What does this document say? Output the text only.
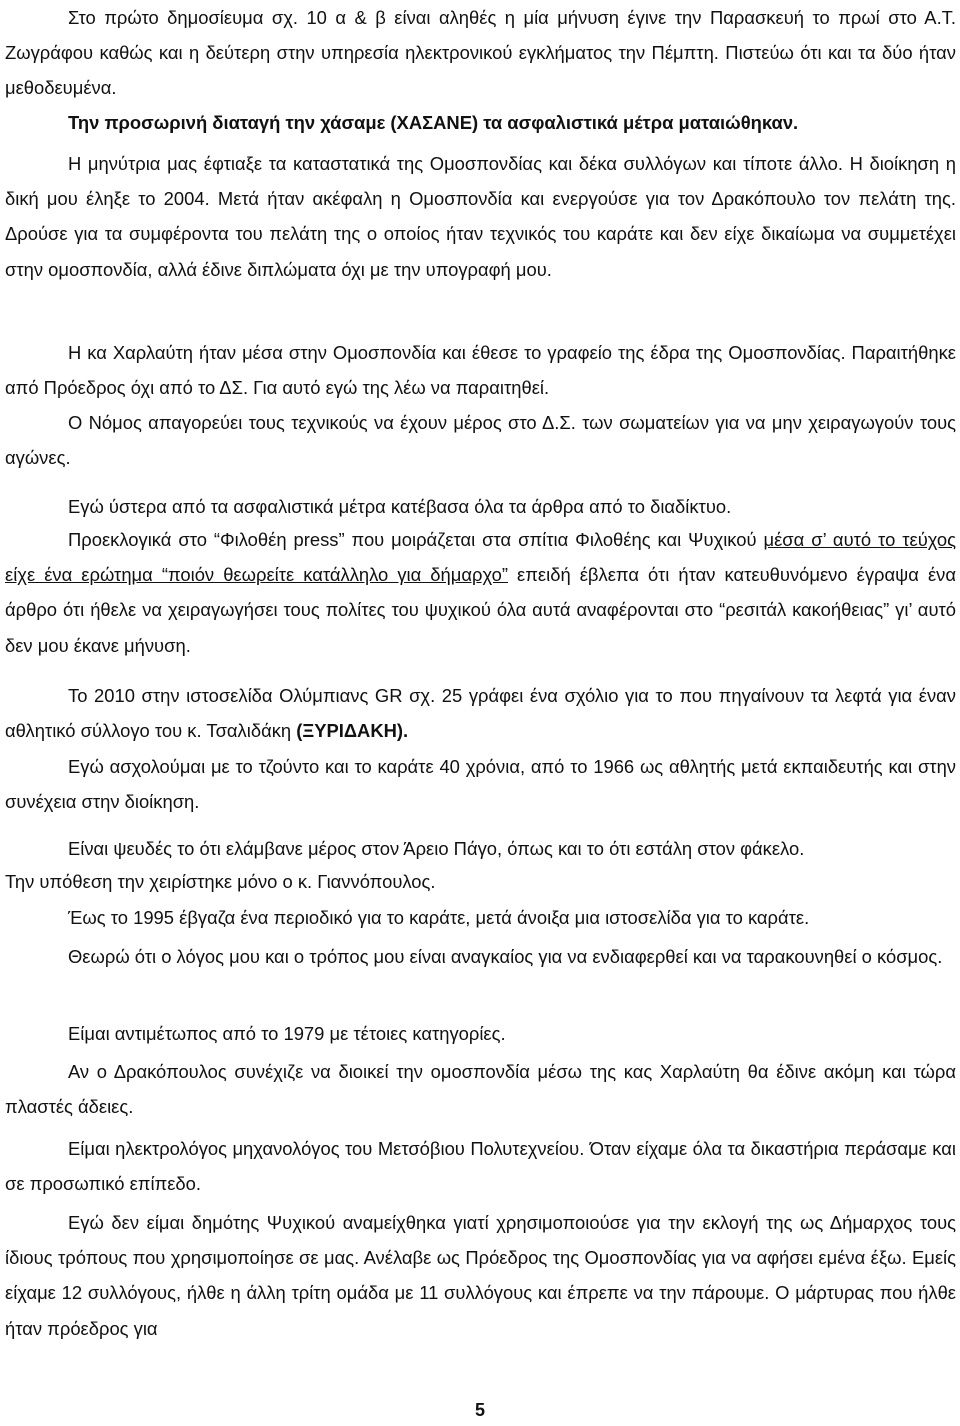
Στο πρώτο δημοσίευμα σχ. 10 α & β είναι αληθές η μία μήνυση έγινε την Παρασκευή το πρωί στο Α.Τ. Ζωγράφου καθώς και η δεύτερη στην υπηρεσία ηλεκτρονικού εγκλήματος την Πέμπτη. Πιστεύω ότι και τα δύο ήταν μεθοδευμένα.

Την προσωρινή διαταγή την χάσαμε (ΧΑΣΑΝΕ) τα ασφαλιστικά μέτρα ματαιώθηκαν.

Η μηνύτρια μας έφτιαξε τα καταστατικά της Ομοσπονδίας και δέκα συλλόγων και τίποτε άλλο. Η διοίκηση η δική μου έληξε το 2004. Μετά ήταν ακέφαλη η Ομοσπονδία και ενεργούσε για τον Δρακόπουλο τον πελάτη της. Δρούσε για τα συμφέροντα του πελάτη της ο οποίος ήταν τεχνικός του καράτε και δεν είχε δικαίωμα να συμμετέχει στην ομοσπονδία, αλλά έδινε διπλώματα όχι με την υπογραφή μου.

Η κα Χαρλαύτη ήταν μέσα στην Ομοσπονδία και έθεσε το γραφείο της έδρα της Ομοσπονδίας. Παραιτήθηκε από Πρόεδρος όχι από το ΔΣ. Για αυτό εγώ της λέω να παραιτηθεί.

Ο Νόμος απαγορεύει τους τεχνικούς να έχουν μέρος στο Δ.Σ. των σωματείων για να μην χειραγωγούν τους αγώνες.

Εγώ ύστερα από τα ασφαλιστικά μέτρα κατέβασα όλα τα άρθρα από το διαδίκτυο.

Προεκλογικά στο “Φιλοθέη press” που μοιράζεται στα σπίτια Φιλοθέης και Ψυχικού μέσα σ’ αυτό το τεύχος είχε ένα ερώτημα “ποιόν θεωρείτε κατάλληλο για δήμαρχο” επειδή έβλεπα ότι ήταν κατευθυνόμενο έγραψα ένα άρθρο ότι ήθελε να χειραγωγήσει τους πολίτες του ψυχικού όλα αυτά αναφέρονται στο “ρεσιτάλ κακοήθειας” γι’ αυτό δεν μου έκανε μήνυση.

Το 2010 στην ιστοσελίδα Ολύμπιανς GR σχ. 25 γράφει ένα σχόλιο για το που πηγαίνουν τα λεφτά για έναν αθλητικό σύλλογο του κ. Τσαλιδάκη (ΞΥΡΙΔΑΚΗ).

Εγώ ασχολούμαι με το τζούντο και το καράτε 40 χρόνια, από το 1966 ως αθλητής μετά εκπαιδευτής και στην συνέχεια στην διοίκηση.

Είναι ψευδές το ότι ελάμβανε μέρος στον Άρειο Πάγο, όπως και το ότι εστάλη στον φάκελο.

Την υπόθεση την χειρίστηκε μόνο ο κ. Γιαννόπουλος.

Έως το 1995 έβγαζα ένα περιοδικό για το καράτε, μετά άνοιξα μια ιστοσελίδα για το καράτε.

Θεωρώ ότι ο λόγος μου και ο τρόπος μου είναι αναγκαίος για να ενδιαφερθεί και να ταρακουνηθεί ο κόσμος.

Είμαι αντιμέτωπος από το 1979 με τέτοιες κατηγορίες.

Αν ο Δρακόπουλος συνέχιζε να διοικεί την ομοσπονδία μέσω της κας Χαρλαύτη θα έδινε ακόμη και τώρα πλαστές άδειες.

Είμαι ηλεκτρολόγος μηχανολόγος του Μετσόβιου Πολυτεχνείου. Όταν είχαμε όλα τα δικαστήρια περάσαμε και σε προσωπικό επίπεδο.

Εγώ δεν είμαι δημότης Ψυχικού αναμείχθηκα γιατί χρησιμοποιούσε για την εκλογή της ως Δήμαρχος τους ίδιους τρόπους που χρησιμοποίησε σε μας. Ανέλαβε ως Πρόεδρος της Ομοσπονδίας για να αφήσει εμένα έξω. Εμείς είχαμε 12 συλλόγους, ήλθε η άλλη τρίτη ομάδα με 11 συλλόγους και έπρεπε να την πάρουμε. Ο μάρτυρας που ήλθε ήταν πρόεδρος για

5
